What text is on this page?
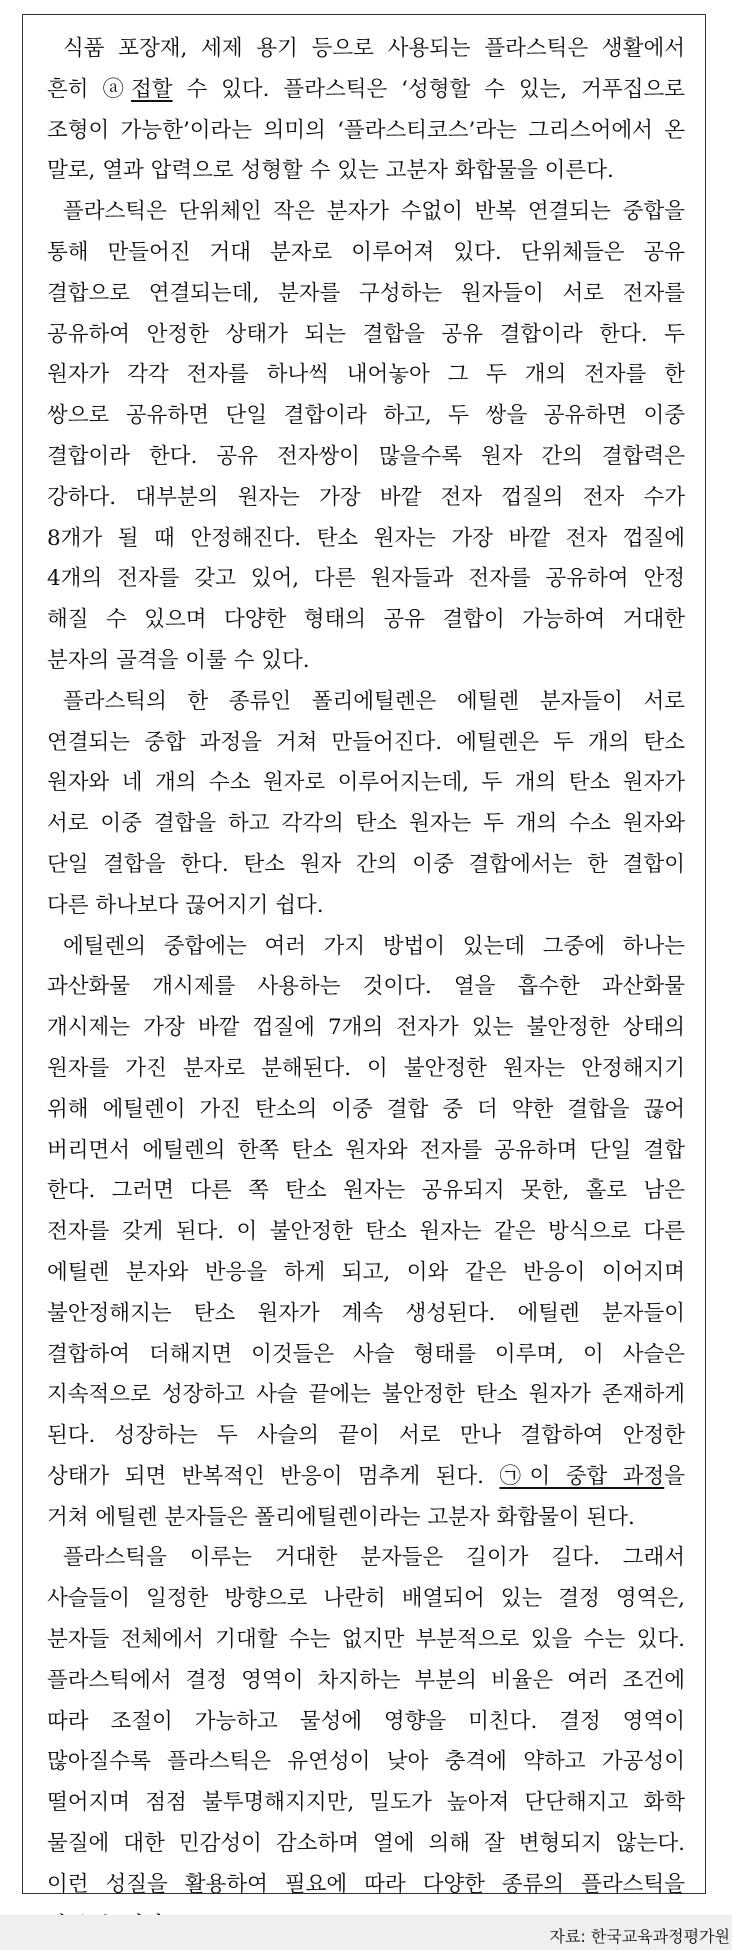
식품 포장재, 세제 용기 등으로 사용되는 플라스틱은 생활에서
흔히 ⓐ접할 수 있다. 플라스틱은 ‘성형할 수 있는, 거푸집으로
조형이 가능한’이라는 의미의 ‘플라스티코스’라는 그리스어에서 온
말로, 열과 압력으로 성형할 수 있는 고분자 화합물을 이른다.
플라스틱은 단위체인 작은 분자가 수없이 반복 연결되는 중합을
통해 만들어진 거대 분자로 이루어져 있다. 단위체들은 공유
결합으로 연결되는데, 분자를 구성하는 원자들이 서로 전자를
공유하여 안정한 상태가 되는 결합을 공유 결합이라 한다. 두
원자가 각각 전자를 하나씩 내어놓아 그 두 개의 전자를 한
쌍으로 공유하면 단일 결합이라 하고, 두 쌍을 공유하면 이중
결합이라 한다. 공유 전자쌍이 많을수록 원자 간의 결합력은
강하다. 대부분의 원자는 가장 바깥 전자 껍질의 전자 수가
8개가 될 때 안정해진다. 탄소 원자는 가장 바깥 전자 껍질에
4개의 전자를 갖고 있어, 다른 원자들과 전자를 공유하여 안정
해질 수 있으며 다양한 형태의 공유 결합이 가능하여 거대한
분자의 골격을 이룰 수 있다.
플라스틱의 한 종류인 폴리에틸렌은 에틸렌 분자들이 서로
연결되는 중합 과정을 거쳐 만들어진다. 에틸렌은 두 개의 탄소
원자와 네 개의 수소 원자로 이루어지는데, 두 개의 탄소 원자가
서로 이중 결합을 하고 각각의 탄소 원자는 두 개의 수소 원자와
단일 결합을 한다. 탄소 원자 간의 이중 결합에서는 한 결합이
다른 하나보다 끊어지기 쉽다.
에틸렌의 중합에는 여러 가지 방법이 있는데 그중에 하나는
과산화물 개시제를 사용하는 것이다. 열을 흡수한 과산화물
개시제는 가장 바깥 껍질에 7개의 전자가 있는 불안정한 상태의
원자를 가진 분자로 분해된다. 이 불안정한 원자는 안정해지기
위해 에틸렌이 가진 탄소의 이중 결합 중 더 약한 결합을 끊어
버리면서 에틸렌의 한쪽 탄소 원자와 전자를 공유하며 단일 결합
한다. 그러면 다른 쪽 탄소 원자는 공유되지 못한, 홀로 남은
전자를 갖게 된다. 이 불안정한 탄소 원자는 같은 방식으로 다른
에틸렌 분자와 반응을 하게 되고, 이와 같은 반응이 이어지며
불안정해지는 탄소 원자가 계속 생성된다. 에틸렌 분자들이
결합하여 더해지면 이것들은 사슬 형태를 이루며, 이 사슬은
지속적으로 성장하고 사슬 끝에는 불안정한 탄소 원자가 존재하게
된다. 성장하는 두 사슬의 끝이 서로 만나 결합하여 안정한
상태가 되면 반복적인 반응이 멈추게 된다. ㉠이 중합 과정을
거쳐 에틸렌 분자들은 폴리에틸렌이라는 고분자 화합물이 된다.
플라스틱을 이루는 거대한 분자들은 길이가 길다. 그래서
사슬들이 일정한 방향으로 나란히 배열되어 있는 결정 영역은,
분자들 전체에서 기대할 수는 없지만 부분적으로 있을 수는 있다.
플라스틱에서 결정 영역이 차지하는 부분의 비율은 여러 조건에
따라 조절이 가능하고 물성에 영향을 미친다. 결정 영역이
많아질수록 플라스틱은 유연성이 낮아 충격에 약하고 가공성이
떨어지며 점점 불투명해지지만, 밀도가 높아져 단단해지고 화학
물질에 대한 민감성이 감소하며 열에 의해 잘 변형되지 않는다.
이런 성질을 활용하여 필요에 따라 다양한 종류의 플라스틱을
자료: 한국교육과정평가원
